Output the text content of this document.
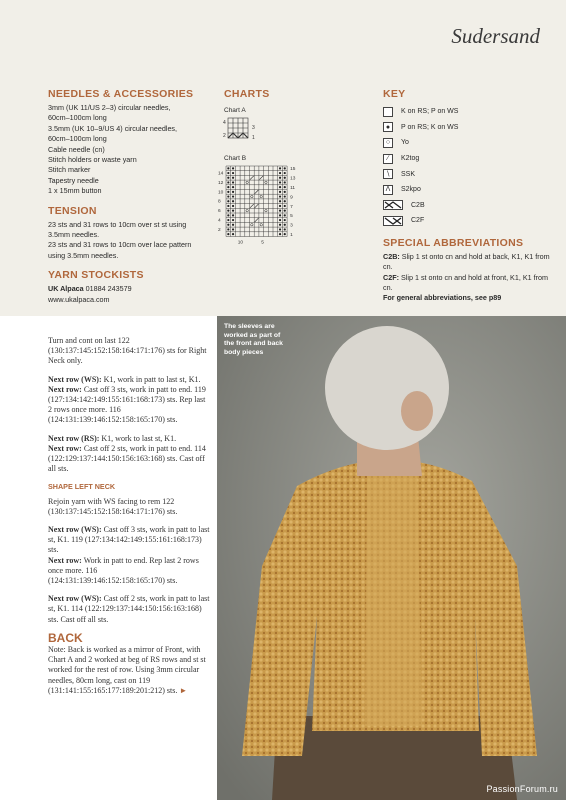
Sudersand
NEEDLES & ACCESSORIES
3mm (UK 11/US 2–3) circular needles,
60cm–100cm long
3.5mm (UK 10–9/US 4) circular needles,
60cm–100cm long
Cable needle (cn)
Stitch holders or waste yarn
Stitch marker
Tapestry needle
1 x 15mm button
TENSION
23 sts and 31 rows to 10cm over st st using
3.5mm needles.
23 sts and 31 rows to 10cm over lace pattern
using 3.5mm needles.
YARN STOCKISTS
UK Alpaca 01884 243579
www.ukalpaca.com
CHARTS
Chart A
4
2
3
1
Chart B
14
12
10
8
6
4
2
15
13
11
9
7
5
3
1
10	5
KEY
K on RS; P on WS
●	P on RS; K on WS
○	Yo
∕	K2tog
∖	SSK
Λ	S2kpo
C2B
C2F
SPECIAL ABBREVIATIONS
C2B: Slip 1 st onto cn and hold at back, K1, K1 from cn.
C2F: Slip 1 st onto cn and hold at front, K1, K1 from cn.
For general abbreviations, see p89

Turn and cont on last 122 (130:137:145:152:158:164:171:176) sts for Right Neck only.

Next row (WS): K1, work in patt to last st, K1.
Next row: Cast off 3 sts, work in patt to end. 119 (127:134:142:149:155:161:168:173) sts. Rep last 2 rows once more. 116 (124:131:139:146:152:158:165:170) sts.

Next row (RS): K1, work to last st, K1.
Next row: Cast off 2 sts, work in patt to end. 114 (122:129:137:144:150:156:163:168) sts. Cast off all sts.

SHAPE LEFT NECK

Rejoin yarn with WS facing to rem 122 (130:137:145:152:158:164:171:176) sts.

Next row (WS): Cast off 3 sts, work in patt to last st, K1. 119 (127:134:142:149:155:161:168:173) sts.
Next row: Work in patt to end. Rep last 2 rows once more. 116 (124:131:139:146:152:158:165:170) sts.

Next row (WS): Cast off 2 sts, work in patt to last st, K1. 114 (122:129:137:144:150:156:163:168) sts. Cast off all sts.

BACK

Note: Back is worked as a mirror of Front, with Chart A and 2 worked at beg of RS rows and st st worked for the rest of row. Using 3mm circular needles, 80cm long, cast on 119 (131:141:155:165:177:189:201:212) sts. ►

The sleeves are worked as part of the front and back body pieces
PassionForum.ru
